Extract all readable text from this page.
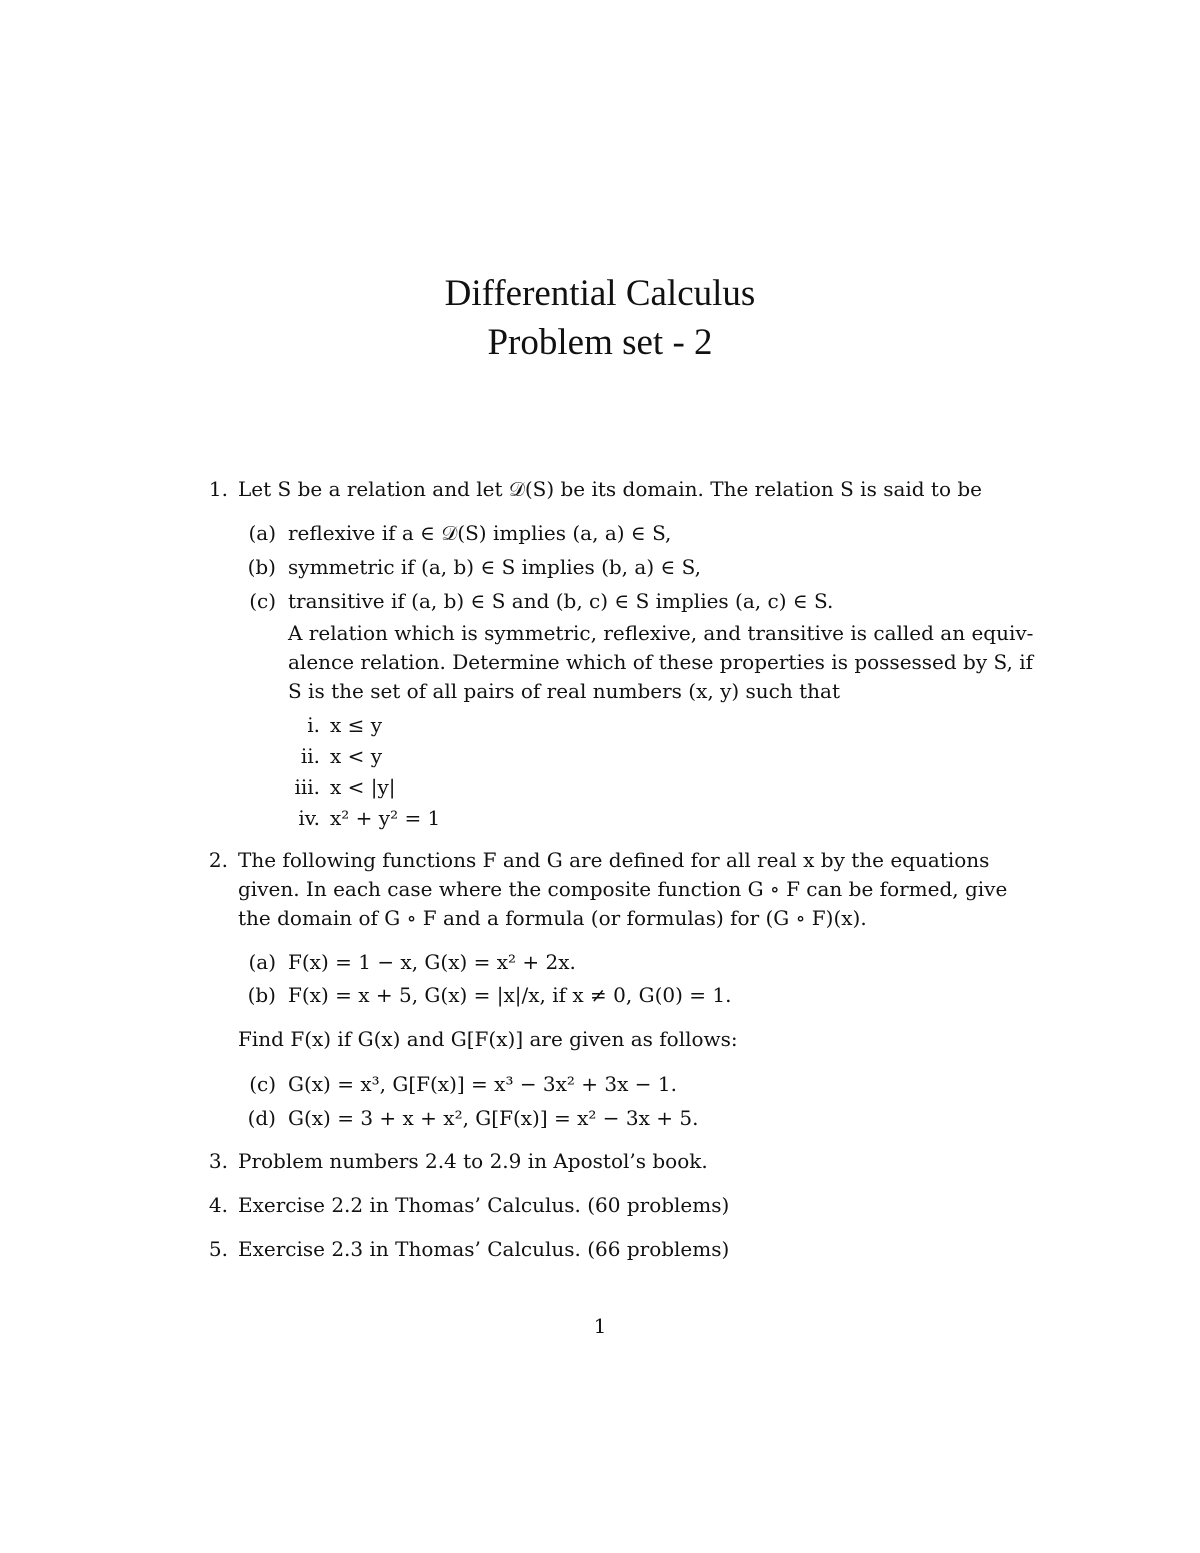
Differential Calculus
Problem set - 2
1. Let S be a relation and let 𝒟(S) be its domain. The relation S is said to be
(a) reflexive if a ∈ 𝒟(S) implies (a, a) ∈ S,
(b) symmetric if (a, b) ∈ S implies (b, a) ∈ S,
(c) transitive if (a, b) ∈ S and (b, c) ∈ S implies (a, c) ∈ S.
A relation which is symmetric, reflexive, and transitive is called an equiv-
alence relation. Determine which of these properties is possessed by S, if
S is the set of all pairs of real numbers (x, y) such that
i. x ≤ y
ii. x < y
iii. x < |y|
iv. x² + y² = 1
2. The following functions F and G are defined for all real x by the equations
given. In each case where the composite function G ∘ F can be formed, give
the domain of G ∘ F and a formula (or formulas) for (G ∘ F)(x).
(a) F(x) = 1 − x, G(x) = x² + 2x.
(b) F(x) = x + 5, G(x) = |x|/x, if x ≠ 0, G(0) = 1.
Find F(x) if G(x) and G[F(x)] are given as follows:
(c) G(x) = x³, G[F(x)] = x³ − 3x² + 3x − 1.
(d) G(x) = 3 + x + x², G[F(x)] = x² − 3x + 5.
3. Problem numbers 2.4 to 2.9 in Apostol’s book.
4. Exercise 2.2 in Thomas’ Calculus. (60 problems)
5. Exercise 2.3 in Thomas’ Calculus. (66 problems)
1
